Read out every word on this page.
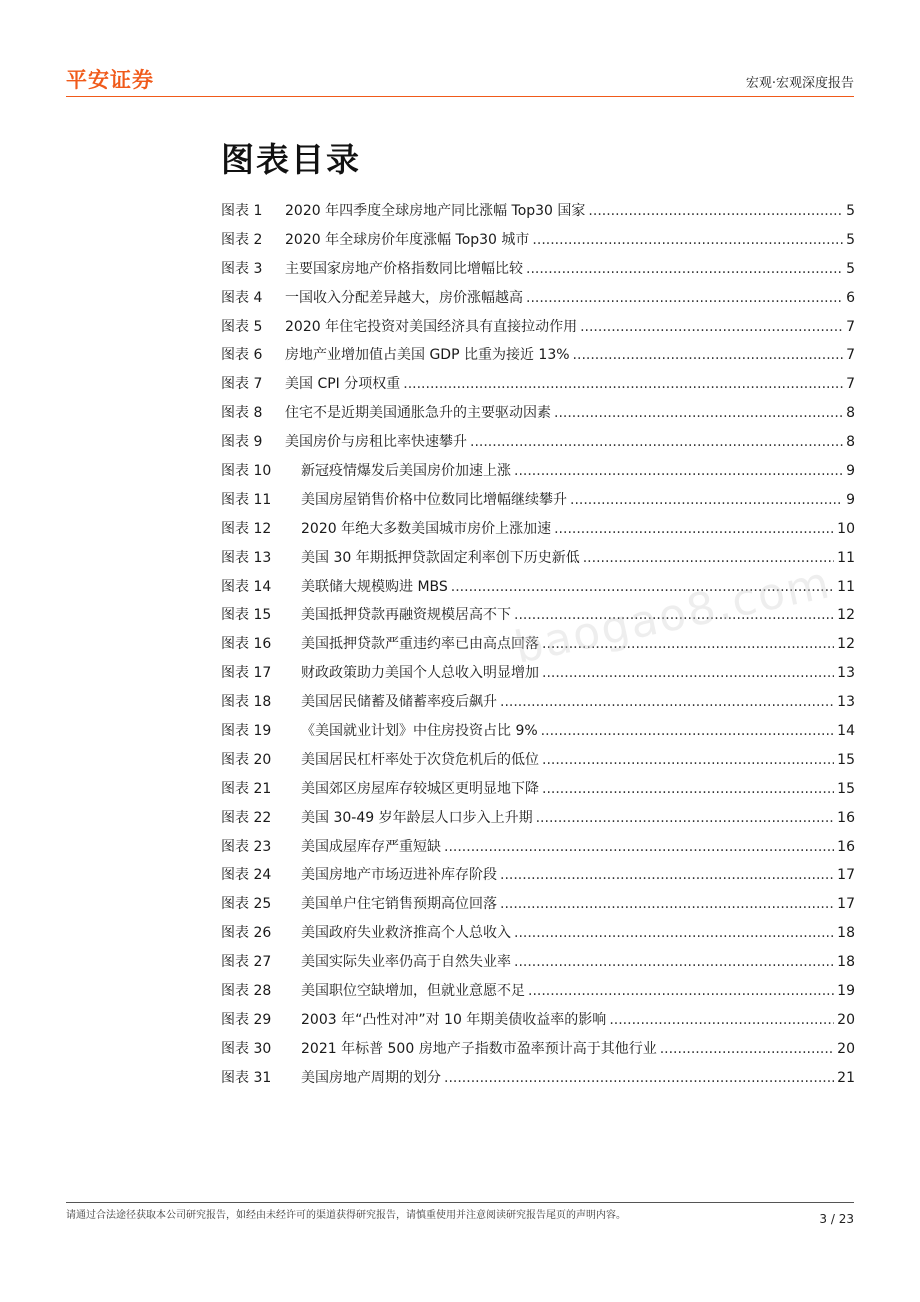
平安证券	宏观·宏观深度报告
图表目录
图表 1	2020 年四季度全球房地产同比涨幅 Top30 国家 .....	5
图表 2	2020 年全球房价年度涨幅 Top30 城市 .....	5
图表 3	主要国家房地产价格指数同比增幅比较 .....	5
图表 4	一国收入分配差异越大，房价涨幅越高 .....	6
图表 5	2020 年住宅投资对美国经济具有直接拉动作用 .....	7
图表 6	房地产业增加值占美国 GDP 比重为接近 13% .....	7
图表 7	美国 CPI 分项权重 .....	7
图表 8	住宅不是近期美国通胀急升的主要驱动因素 .....	8
图表 9	美国房价与房租比率快速攀升 .....	8
图表 10	新冠疫情爆发后美国房价加速上涨 .....	9
图表 11	美国房屋销售价格中位数同比增幅继续攀升 .....	9
图表 12	2020 年绝大多数美国城市房价上涨加速 .....	10
图表 13	美国 30 年期抵押贷款固定利率创下历史新低 .....	11
图表 14	美联储大规模购进 MBS .....	11
图表 15	美国抵押贷款再融资规模居高不下 .....	12
图表 16	美国抵押贷款严重违约率已由高点回落 .....	12
图表 17	财政政策助力美国个人总收入明显增加 .....	13
图表 18	美国居民储蓄及储蓄率疫后飙升 .....	13
图表 19	《美国就业计划》中住房投资占比 9% .....	14
图表 20	美国居民杠杆率处于次贷危机后的低位 .....	15
图表 21	美国郊区房屋库存较城区更明显地下降 .....	15
图表 22	美国 30-49 岁年龄层人口步入上升期 .....	16
图表 23	美国成屋库存严重短缺 .....	16
图表 24	美国房地产市场迈进补库存阶段 .....	17
图表 25	美国单户住宅销售预期高位回落 .....	17
图表 26	美国政府失业救济推高个人总收入 .....	18
图表 27	美国实际失业率仍高于自然失业率 .....	18
图表 28	美国职位空缺增加，但就业意愿不足 .....	19
图表 29	2003 年“凸性对冲”对 10 年期美债收益率的影响 .....	20
图表 30	2021 年标普 500 房地产子指数市盈率预计高于其他行业 .....	20
图表 31	美国房地产周期的划分 .....	21
baogao8.com
请通过合法途径获取本公司研究报告，如经由未经许可的渠道获得研究报告，请慎重使用并注意阅读研究报告尾页的声明内容。	3 / 23
